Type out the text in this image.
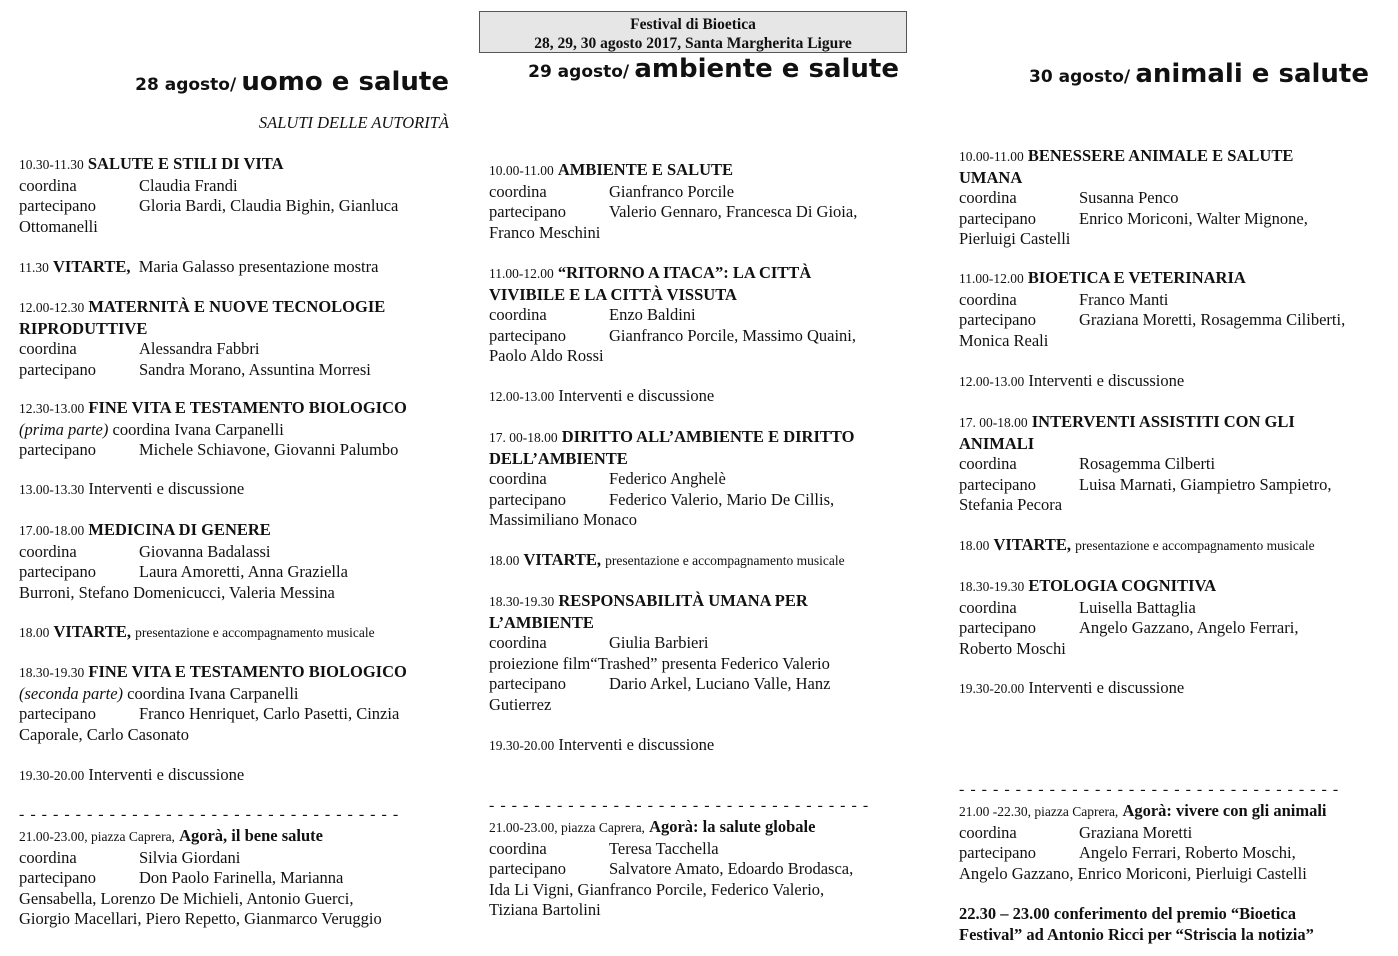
Festival di Bioetica
28, 29, 30 agosto 2017, Santa Margherita Ligure
28 agosto/ uomo e salute
SALUTI DELLE AUTORITÀ
10.30-11.30 SALUTE E STILI DI VITA
coordina	Claudia Frandi
partecipano	Gloria Bardi, Claudia Bighin, Gianluca
Ottomanelli
11.30 VITARTE, Maria Galasso presentazione mostra
12.00-12.30 MATERNITÀ E NUOVE TECNOLOGIE
RIPRODUTTIVE
coordina	Alessandra Fabbri
partecipano	Sandra Morano, Assuntina Morresi
12.30-13.00 FINE VITA E TESTAMENTO BIOLOGICO
(prima parte) coordina Ivana Carpanelli
partecipano	Michele Schiavone, Giovanni Palumbo
13.00-13.30 Interventi e discussione
17.00-18.00 MEDICINA DI GENERE
coordina	Giovanna Badalassi
partecipano	Laura Amoretti, Anna Graziella
Burroni, Stefano Domenicucci, Valeria Messina
18.00 VITARTE, presentazione e accompagnamento musicale
18.30-19.30 FINE VITA E TESTAMENTO BIOLOGICO
(seconda parte) coordina Ivana Carpanelli
partecipano	Franco Henriquet, Carlo Pasetti, Cinzia
Caporale, Carlo Casonato
19.30-20.00 Interventi e discussione
- - - - - - - - - - - - - - - - - - - - - - - - - - - - - - - - - -
21.00-23.00, piazza Caprera, Agorà, il bene salute
coordina	Silvia Giordani
partecipano	Don Paolo Farinella, Marianna
Gensabella, Lorenzo De Michieli, Antonio Guerci,
Giorgio Macellari, Piero Repetto, Gianmarco Veruggio
29 agosto/ ambiente e salute
10.00-11.00 AMBIENTE E SALUTE
coordina	Gianfranco Porcile
partecipano	Valerio Gennaro, Francesca Di Gioia,
Franco Meschini
11.00-12.00 “RITORNO A ITACA”: LA CITTÀ
VIVIBILE E LA CITTÀ VISSUTA
coordina	Enzo Baldini
partecipano	Gianfranco Porcile, Massimo Quaini,
Paolo Aldo Rossi
12.00-13.00 Interventi e discussione
17. 00-18.00 DIRITTO ALL’AMBIENTE E DIRITTO
DELL’AMBIENTE
coordina	Federico Anghelè
partecipano	Federico Valerio, Mario De Cillis,
Massimiliano Monaco
18.00 VITARTE, presentazione e accompagnamento musicale
18.30-19.30 RESPONSABILITÀ UMANA PER
L’AMBIENTE
coordina	Giulia Barbieri
proiezione film“Trashed” presenta Federico Valerio
partecipano	Dario Arkel, Luciano Valle, Hanz
Gutierrez
19.30-20.00 Interventi e discussione
- - - - - - - - - - - - - - - - - - - - - - - - - - - - - - - - - -
21.00-23.00, piazza Caprera, Agorà: la salute globale
coordina	Teresa Tacchella
partecipano	Salvatore Amato, Edoardo Brodasca,
Ida Li Vigni, Gianfranco Porcile, Federico Valerio,
Tiziana Bartolini
30 agosto/ animali e salute
10.00-11.00 BENESSERE ANIMALE E SALUTE
UMANA
coordina	Susanna Penco
partecipano	Enrico Moriconi, Walter Mignone,
Pierluigi Castelli
11.00-12.00 BIOETICA E VETERINARIA
coordina	Franco Manti
partecipano	Graziana Moretti, Rosagemma Ciliberti,
Monica Reali
12.00-13.00 Interventi e discussione
17. 00-18.00 INTERVENTI ASSISTITI CON GLI
ANIMALI
coordina	Rosagemma Cilberti
partecipano	Luisa Marnati, Giampietro Sampietro,
Stefania Pecora
18.00 VITARTE, presentazione e accompagnamento musicale
18.30-19.30 ETOLOGIA COGNITIVA
coordina	Luisella Battaglia
partecipano	Angelo Gazzano, Angelo Ferrari,
Roberto Moschi
19.30-20.00 Interventi e discussione
- - - - - - - - - - - - - - - - - - - - - - - - - - - - - - - - - -
21.00 -22.30, piazza Caprera, Agorà: vivere con gli animali
coordina	Graziana Moretti
partecipano	Angelo Ferrari, Roberto Moschi,
Angelo Gazzano, Enrico Moriconi, Pierluigi Castelli
22.30 – 23.00 conferimento del premio “Bioetica
Festival” ad Antonio Ricci per “Striscia la notizia”
